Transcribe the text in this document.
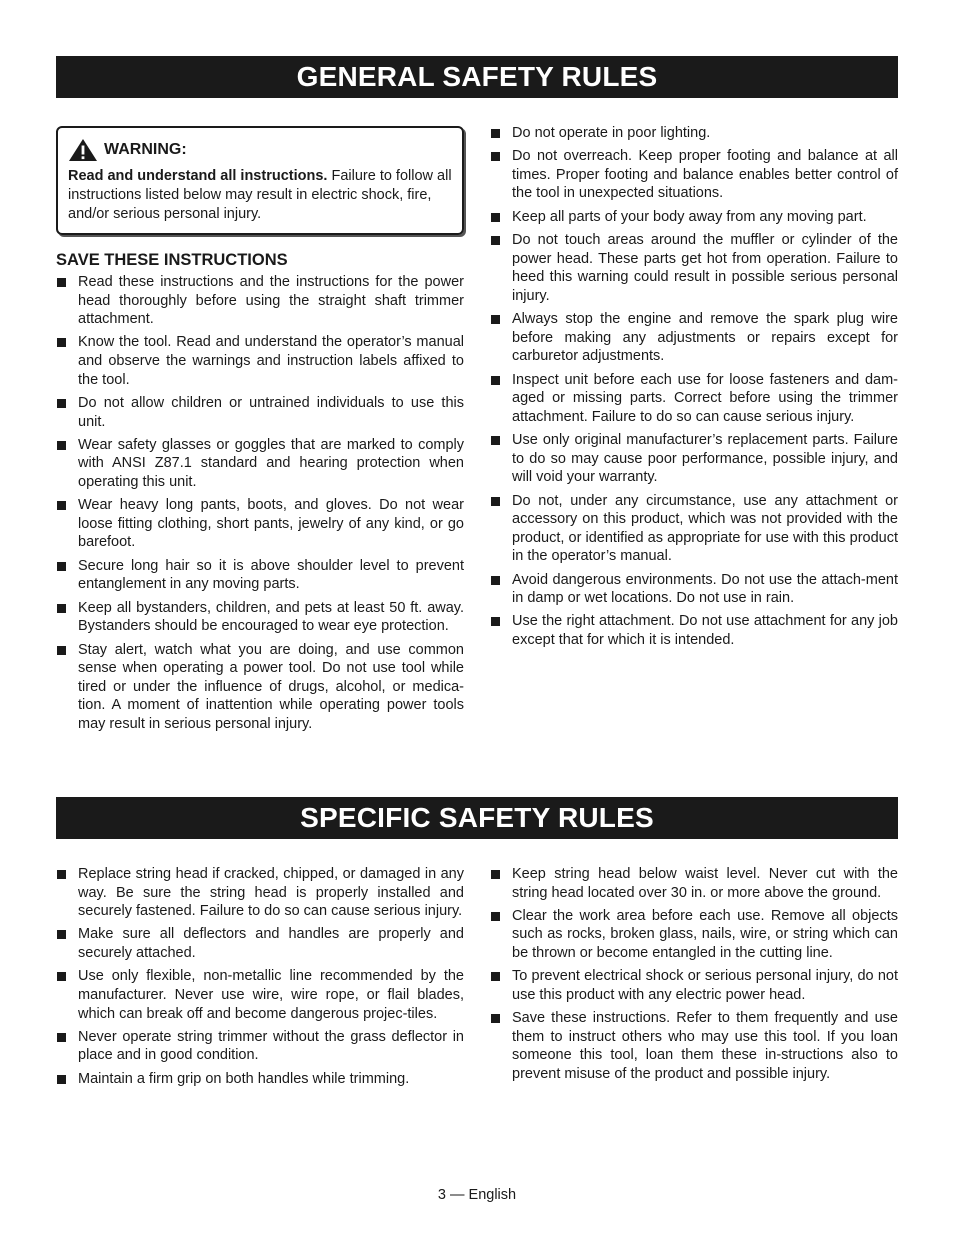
GENERAL SAFETY RULES
WARNING:
Read and understand all instructions. Failure to follow all instructions listed below may result in electric shock, fire, and/or serious personal injury.
SAVE THESE INSTRUCTIONS
Read these instructions and the instructions for the power head thoroughly before using the straight shaft trimmer attachment.
Know the tool. Read and understand the operator’s manual and observe the warnings and instruction labels affixed to the tool.
Do not allow children or untrained individuals to use this unit.
Wear safety glasses or goggles that are marked to comply with ANSI Z87.1 standard and hearing protection when operating this unit.
Wear heavy long pants, boots, and gloves. Do not wear loose fitting clothing, short pants, jewelry of any kind, or go barefoot.
Secure long hair so it is above shoulder level to prevent entanglement in any moving parts.
Keep all bystanders, children, and pets at least 50 ft. away. Bystanders should be encouraged to wear eye protection.
Stay alert, watch what you are doing, and use common sense when operating a power tool. Do not use tool while tired or under the influence of drugs, alcohol, or medica-tion. A moment of inattention while operating power tools may result in serious personal injury.
Do not operate in poor lighting.
Do not overreach. Keep proper footing and balance at all times. Proper footing and balance enables better control of the tool in unexpected situations.
Keep all parts of your body away from any moving part.
Do not touch areas around the muffler or cylinder of the power head. These parts get hot from operation. Failure to heed this warning could result in possible serious personal injury.
Always stop the engine and remove the spark plug wire before making any adjustments or repairs except for carburetor adjustments.
Inspect unit before each use for loose fasteners and dam-aged or missing parts. Correct before using the trimmer attachment. Failure to do so can cause serious injury.
Use only original manufacturer’s replacement parts. Failure to do so may cause poor performance, possible injury, and will void your warranty.
Do not, under any circumstance, use any attachment or accessory on this product, which was not provided with the product, or identified as appropriate for use with this product in the operator’s manual.
Avoid dangerous environments. Do not use the attach-ment in damp or wet locations. Do not use in rain.
Use the right attachment. Do not use attachment for any job except that for which it is intended.
SPECIFIC SAFETY RULES
Replace string head if cracked, chipped, or damaged in any way. Be sure the string head is properly installed and securely fastened. Failure to do so can cause serious injury.
Make sure all deflectors and handles are properly and securely attached.
Use only flexible, non-metallic line recommended by the manufacturer. Never use wire, wire rope, or flail blades, which can break off and become dangerous projec-tiles.
Never operate string trimmer without the grass deflector in place and in good condition.
Maintain a firm grip on both handles while trimming.
Keep string head below waist level. Never cut with the string head located over 30 in. or more above the ground.
Clear the work area before each use. Remove all objects such as rocks, broken glass, nails, wire, or string which can be thrown or become entangled in the cutting line.
To prevent electrical shock or serious personal injury, do not use this product with any electric power head.
Save these instructions. Refer to them frequently and use them to instruct others who may use this tool. If you loan someone this tool, loan them these in-structions also to prevent misuse of the product and possible injury.
3 — English
